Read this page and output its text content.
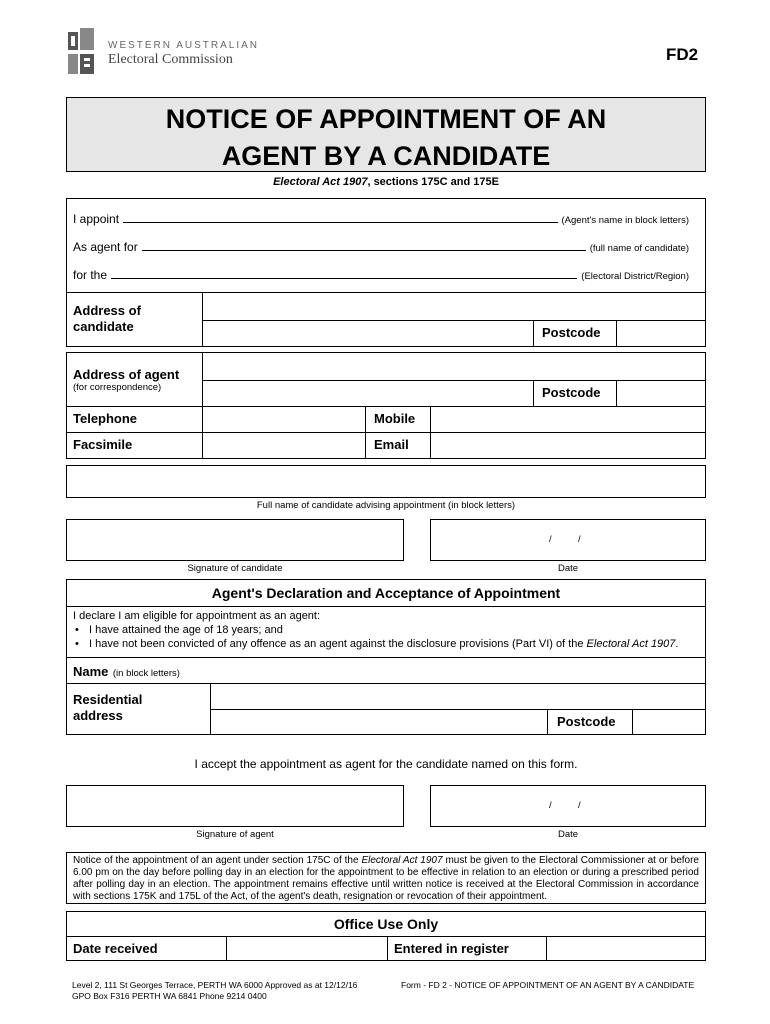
WESTERN AUSTRALIAN
Electoral Commission	FD2
NOTICE OF APPOINTMENT OF AN
AGENT BY A CANDIDATE
Electoral Act 1907, sections 175C and 175E
I appoint	(Agent's name in block letters)
As agent for	(full name of candidate)
for the	(Electoral District/Region)
Address of candidate	Postcode
Address of agent
(for correspondence)	Postcode
Telephone	Mobile
Facsimile	Email
Full name of candidate advising appointment (in block letters)
/          /
Signature of candidate	Date
Agent's Declaration and Acceptance of Appointment
I declare I am eligible for appointment as an agent:
• I have attained the age of 18 years; and
• I have not been convicted of any offence as an agent against the disclosure provisions (Part VI) of the Electoral Act 1907.
Name (in block letters)
Residential address	Postcode
I accept the appointment as agent for the candidate named on this form.
/          /
Signature of agent	Date
Notice of the appointment of an agent under section 175C of the Electoral Act 1907 must be given to the Electoral Commissioner at or before 6.00 pm on the day before polling day in an election for the appointment to be effective in relation to an election or during a prescribed period after polling day in an election. The appointment remains effective until written notice is received at the Electoral Commission in accordance with sections 175K and 175L of the Act, of the agent's death, resignation or revocation of their appointment.
Office Use Only
Date received	Entered in register
Level 2, 111 St Georges Terrace, PERTH WA 6000 Approved as at 12/12/16
GPO Box F316 PERTH WA 6841 Phone 9214 0400
Form - FD 2 - NOTICE OF APPOINTMENT OF AN AGENT BY A CANDIDATE
